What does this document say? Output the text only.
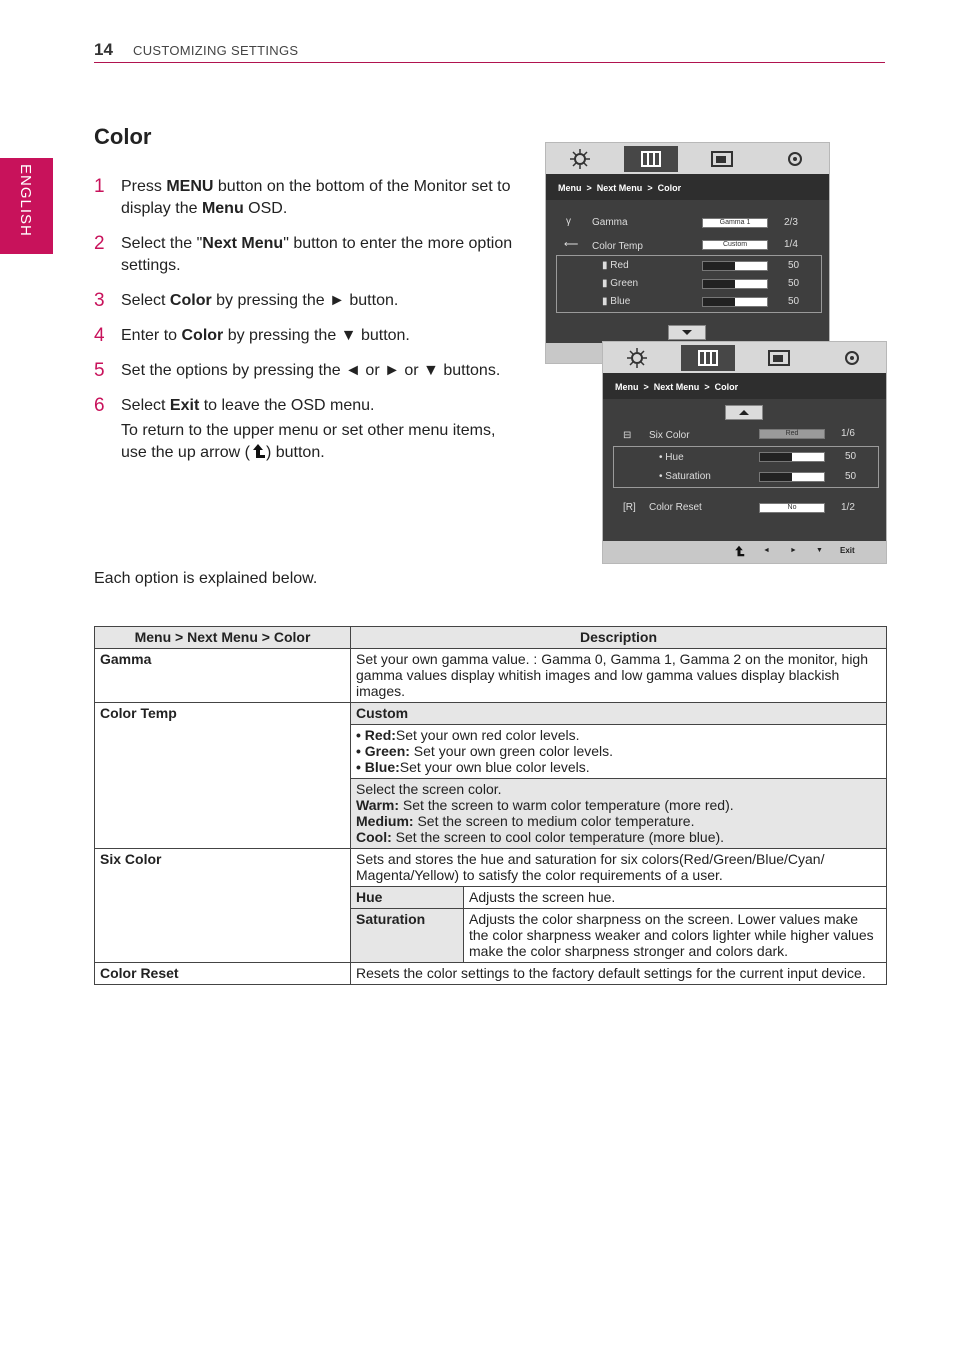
14 CUSTOMIZING SETTINGS
ENGLISH
Color
1 Press MENU button on the bottom of the Monitor set to display the Menu OSD.
2 Select the "Next Menu" button to enter the more option settings.
3 Select Color by pressing the ► button.
4 Enter to Color by pressing the ▼ button.
5 Set the options by pressing the ◄ or ► or ▼ buttons.
6 Select Exit to leave the OSD menu.
To return to the upper menu or set other menu items, use the up arrow ( ) button.
Menu > Next Menu > Color
γ Gamma	Gamma 1	2/3
⟵ Color Temp	Custom	1/4
▮ Red	50
▮ Green	50
▮ Blue	50
Menu > Next Menu > Color
⊟ Six Color	Red	1/6
• Hue	50
• Saturation	50
[R] Color Reset	No	1/2
◄	►	▼ Exit
Each option is explained below.
Menu > Next Menu > Color	Description	
Gamma	Set your own gamma value. : Gamma 0, Gamma 1, Gamma 2 on the monitor, high gamma values display whitish images and low gamma values display blackish images.	
Color Temp	Custom	

	• Red:Set your own red color levels.
• Green: Set your own green color levels.
• Blue:Set your own blue color levels.	

	Select the screen color.
Warm: Set the screen to warm color temperature (more red).
Medium: Set the screen to medium color temperature.
Cool: Set the screen to cool color temperature (more blue).	

Six Color	Sets and stores the hue and saturation for six colors(Red/Green/Blue/Cyan/ Magenta/Yellow) to satisfy the color requirements of a user.	
	Hue	Adjusts the screen hue.
	Saturation	Adjusts the color sharpness on the screen. Lower values make the color sharpness weaker and colors lighter while higher values make the color sharpness stronger and colors dark.
Color Reset	Resets the color settings to the factory default settings for the current input device.	
